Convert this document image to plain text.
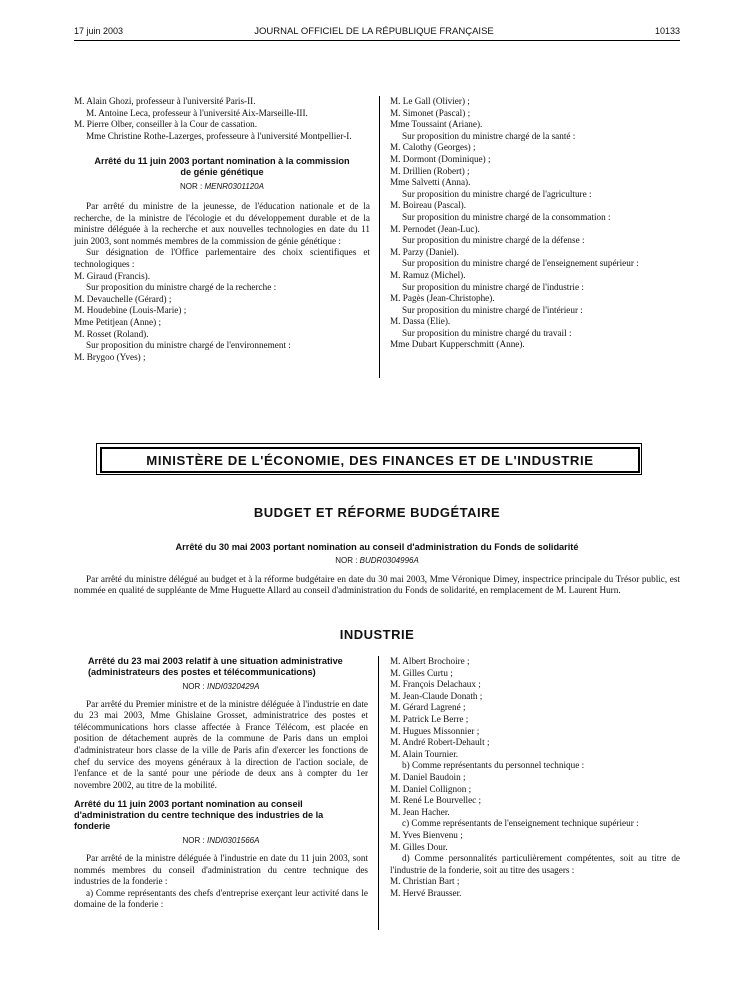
17 juin 2003	JOURNAL OFFICIEL DE LA RÉPUBLIQUE FRANÇAISE	10133

M. Alain Ghozi, professeur à l'université Paris-II.

M. Antoine Leca, professeur à l'université Aix-Marseille-III.

M. Pierre Olber, conseiller à la Cour de cassation.

Mme Christine Rothe-Lazerges, professeure à l'université Montpellier-I.

Arrêté du 11 juin 2003 portant nomination à la commission de génie génétique
NOR : MENR0301120A

Par arrêté du ministre de la jeunesse, de l'éducation nationale et de la recherche, de la ministre de l'écologie et du développement durable et de la ministre déléguée à la recherche et aux nouvelles technologies en date du 11 juin 2003, sont nommés membres de la commission de génie génétique :

Sur désignation de l'Office parlementaire des choix scientifiques et technologiques :

M. Giraud (Francis).

Sur proposition du ministre chargé de la recherche :

M. Devauchelle (Gérard) ;

M. Houdebine (Louis-Marie) ;

Mme Petitjean (Anne) ;

M. Rosset (Roland).

Sur proposition du ministre chargé de l'environnement :

M. Brygoo (Yves) ;

M. Le Gall (Olivier) ;

M. Simonet (Pascal) ;

Mme Toussaint (Ariane).

Sur proposition du ministre chargé de la santé :

M. Calothy (Georges) ;

M. Dormont (Dominique) ;

M. Drillien (Robert) ;

Mme Salvetti (Anna).

Sur proposition du ministre chargé de l'agriculture :

M. Boireau (Pascal).

Sur proposition du ministre chargé de la consommation :

M. Pernodet (Jean-Luc).

Sur proposition du ministre chargé de la défense :

M. Parzy (Daniel).

Sur proposition du ministre chargé de l'enseignement supérieur :

M. Ramuz (Michel).

Sur proposition du ministre chargé de l'industrie :

M. Pagès (Jean-Christophe).

Sur proposition du ministre chargé de l'intérieur :

M. Dassa (Elie).

Sur proposition du ministre chargé du travail :

Mme Dubart Kupperschmitt (Anne).

MINISTÈRE DE L'ÉCONOMIE, DES FINANCES ET DE L'INDUSTRIE
BUDGET ET RÉFORME BUDGÉTAIRE
Arrêté du 30 mai 2003 portant nomination au conseil d'administration du Fonds de solidarité
NOR : BUDR0304996A

Par arrêté du ministre délégué au budget et à la réforme budgétaire en date du 30 mai 2003, Mme Véronique Dimey, inspectrice principale du Trésor public, est nommée en qualité de suppléante de Mme Huguette Allard au conseil d'administration du Fonds de solidarité, en remplacement de M. Laurent Hurn.

INDUSTRIE
Arrêté du 23 mai 2003 relatif à une situation administrative (administrateurs des postes et télécommunications)
NOR : INDI0320429A

Par arrêté du Premier ministre et de la ministre déléguée à l'industrie en date du 23 mai 2003, Mme Ghislaine Grosset, administratrice des postes et télécommunications hors classe affectée à France Télécom, est placée en position de détachement auprès de la commune de Paris dans un emploi d'administrateur hors classe de la ville de Paris afin d'exercer les fonctions de chef du service des moyens généraux à la direction de l'action sociale, de l'enfance et de la santé pour une période de deux ans à compter du 1er novembre 2002, au titre de la mobilité.

Arrêté du 11 juin 2003 portant nomination au conseil d'administration du centre technique des industries de la fonderie
NOR : INDI0301566A

Par arrêté de la ministre déléguée à l'industrie en date du 11 juin 2003, sont nommés membres du conseil d'administration du centre technique des industries de la fonderie :

a) Comme représentants des chefs d'entreprise exerçant leur activité dans le domaine de la fonderie :

M. Albert Brochoire ;

M. Gilles Curtu ;

M. François Delachaux ;

M. Jean-Claude Donath ;

M. Gérard Lagrené ;

M. Patrick Le Berre ;

M. Hugues Missonnier ;

M. André Robert-Dehault ;

M. Alain Tournier.

b) Comme représentants du personnel technique :

M. Daniel Baudoin ;

M. Daniel Collignon ;

M. René Le Bourvellec ;

M. Jean Hacher.

c) Comme représentants de l'enseignement technique supérieur :

M. Yves Bienvenu ;

M. Gilles Dour.

d) Comme personnalités particulièrement compétentes, soit au titre de l'industrie de la fonderie, soit au titre des usagers :

M. Christian Bart ;

M. Hervé Brausser.
